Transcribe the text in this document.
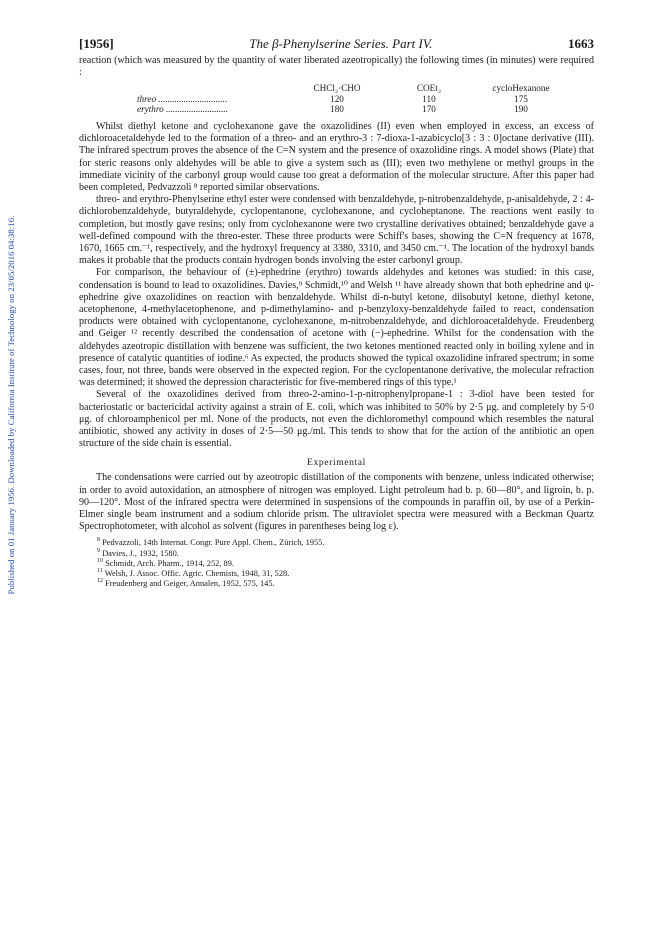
Published on 01 January 1956. Downloaded by California Institute of Technology on 23/05/2016 04:38:16.
[1956]	The β-Phenylserine Series. Part IV.	1663

reaction (which was measured by the quantity of water liberated azeotropically) the following times (in minutes) were required :

	CHCl₂·CHO	COEt₂	cycloHexanone
threo ..............................	120	110	175
erythro ...........................	180	170	190

Whilst diethyl ketone and cyclohexanone gave the oxazolidines (II) even when employed in excess, an excess of dichloroacetaldehyde led to the formation of a threo- and an erythro-3 : 7-dioxa-1-azabicyclo[3 : 3 : 0]octane derivative (III). The infrared spectrum proves the absence of the C=N system and the presence of oxazolidine rings. A model shows (Plate) that for steric reasons only aldehydes will be able to give a system such as (III); even two methylene or methyl groups in the immediate vicinity of the carbonyl group would cause too great a deformation of the molecular structure. After this paper had been completed, Pedvazzoli ⁸ reported similar observations.

threo- and erythro-Phenylserine ethyl ester were condensed with benzaldehyde, p-nitrobenzaldehyde, p-anisaldehyde, 2 : 4-dichlorobenzaldehyde, butyraldehyde, cyclopentanone, cyclohexanone, and cycloheptanone. The reactions went easily to completion, but mostly gave resins; only from cyclohexanone were two crystalline derivatives obtained; benzaldehyde gave a well-defined compound with the threo-ester. These three products were Schiff's bases, showing the C=N frequency at 1678, 1670, 1665 cm.⁻¹, respectively, and the hydroxyl frequency at 3380, 3310, and 3450 cm.⁻¹. The location of the hydroxyl bands makes it probable that the products contain hydrogen bonds involving the ester carbonyl group.

For comparison, the behaviour of (±)-ephedrine (erythro) towards aldehydes and ketones was studied: in this case, condensation is bound to lead to oxazolidines. Davies,⁹ Schmidt,¹⁰ and Welsh ¹¹ have already shown that both ephedrine and ψ-ephedrine give oxazolidines on reaction with benzaldehyde. Whilst di-n-butyl ketone, diisobutyl ketone, diethyl ketone, acetophenone, 4-methylacetophenone, and p-dimethylamino- and p-benzyloxy-benzaldehyde failed to react, condensation products were obtained with cyclopentanone, cyclohexanone, m-nitrobenzaldehyde, and dichloroacetaldehyde. Freudenberg and Geiger ¹² recently described the condensation of acetone with (−)-ephedrine. Whilst for the condensation with the aldehydes azeotropic distillation with benzene was sufficient, the two ketones mentioned reacted only in boiling xylene and in presence of catalytic quantities of iodine.⁶ As expected, the products showed the typical oxazolidine infrared spectrum; in some cases, four, not three, bands were observed in the expected region. For the cyclopentanone derivative, the molecular refraction was determined; it showed the depression characteristic for five-membered rings of this type.¹

Several of the oxazolidines derived from threo-2-amino-1-p-nitrophenylpropane-1 : 3-diol have been tested for bacteriostatic or bactericidal activity against a strain of E. coli, which was inhibited to 50% by 2·5 μg. and completely by 5·0 μg. of chloroamphenicol per ml. None of the products, not even the dichloromethyl compound which resembles the natural antibiotic, showed any activity in doses of 2·5—50 μg./ml. This tends to show that for the action of the antibiotic an open structure of the side chain is essential.

Experimental

The condensations were carried out by azeotropic distillation of the components with benzene, unless indicated otherwise; in order to avoid autoxidation, an atmosphere of nitrogen was employed. Light petroleum had b. p. 60—80°, and ligroin, b. p. 90—120°. Most of the infrared spectra were determined in suspensions of the compounds in paraffin oil, by use of a Perkin-Elmer single beam instrument and a sodium chloride prism. The ultraviolet spectra were measured with a Beckman Quartz Spectrophotometer, with alcohol as solvent (figures in parentheses being log ε).

$^8$ Pedvazzoli, 14th Internat. Congr. Pure Appl. Chem., Zürich, 1955.
$^9$ Davies, J., 1932, 1580.
$^{10}$ Schmidt, Arch. Pharm., 1914, 252, 89.
$^{11}$ Welsh, J. Assoc. Offic. Agric. Chemists, 1948, 31, 528.
$^{12}$ Freudenberg and Geiger, Annalen, 1952, 575, 145.
